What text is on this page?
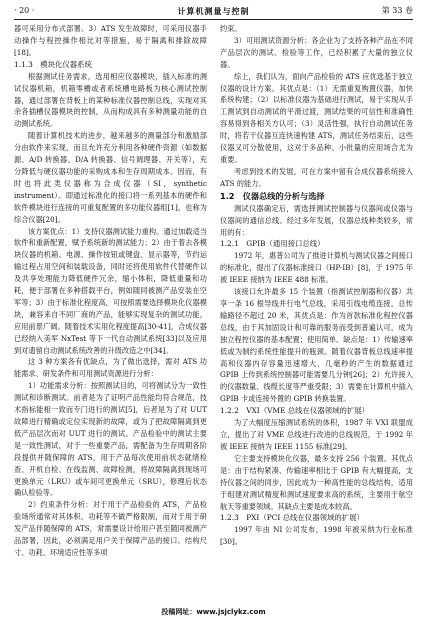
· 20 ·	计算机测量与控制	第 33 卷

器可采用分布式部署。3）ATS 发生故障时，可采用仪器手动操作与程控操作相比对等措施，易于隔离和排除故障[18]。

1.1.3　模块化仪器系统

根据测试任务需求，选用相应仪器模块，插入标准的测试仪器机箱，机箱零槽或者系统槽电路板为核心测试控制器，通过部署在背板上的某种标准仪器控制总线，实现对其余各插槽仪器模块的控制，从而构成具有多种测量功能的自动测试系统。

随着计算机技术的进步，越来越多的测量部分和激励部分由软件来实现，而且允许充分利用各种硬件资源（如数据源、A/D 转换器、D/A 转换器、信号调理器、开关等），充分降低与硬仪器功能的采购成本和生存周期成本。因而，有时也将此类仪器称为合成仪器（SI，synthetic instrument）。即通过标准化的接口将一系列基本的硬件和软件模块进行连接的可重复配置的多功能仪器组[1]，也称为综合仪器[20]。

该方案优点：1）支持仪器测试能力重构。通过加载适当软件和重新配置，赋予系统新的测试能力；2）由于着去各模块仪器的机箱、电源、操作按钮或键盘、显示器等，节约运输过程占用空间和装载设备，同时还将使用软件代替硬件以及共享处理能力降低硬件冗余，缩小体积，降低重量和功耗，便于部署在多种搭载平台，例如随同被测产品安装在空军等；3）由于标准化程度高，可按照需要选择模块化仪器模块，兼容来自不同厂商的产品，能够实现复杂的测试功能，应用前景广阔。随着技术实用化程度提高[30-41]，合成仪器已经纳入美军 NxTest 等下一代自动测试系统[33]以及应用到对遗留自动测试系统改善的升级改造之中[34]。

这 3 种方案各有优缺点，为了做出选择，需对 ATS 功能需求、研发条件和可用测试资源进行分析：

1）功能需求分析：按照测试目的，可将测试分为一致性测试和诊断测试。前者是为了证明产品性能均符合规范，技术指标能相一致而专门进行的测试[5]，后者是为了对 UUT 故障进行精确或定位实现新的故障，或为了把故障隔离到更低产品层次而对 UUT 进行的测试。产品检验中的测试主要是一致性测试，对于一些重要产品，需配备为生存周期各阶段提供并随保障的 ATS，用于产品每次使用前状态就绪检查、开机自检、在线监测、故障检测，将故障隔离到现场可更换单元（LRU）或车间可更换单元（SRU），修理后状态确认检验等。

2）约束条件分析：对于用于产品检验的 ATS，产品检验场所通常对其体积、功耗等不做严格限制，而对于用于研发产品伴随保障的 ATS，常需要设计给用户甚至随同被测产品部署，因此，必须满足用户关于保障产品的接口、结构尺寸、功耗、环境适应性等多项

约束。

3）可用测试资源分析：各企业为了支持各种产品在不同产品层次的测试、检验等工作，已经积累了大量的独立仪器。

综上，我们认为，面向产品检验的 ATS 应优选基于独立仪器的设计方案。其优点是：（1）无需重复购置仪器，加快系统构建；（2）以标准仪器为基础进行测试，易于实现从手工测试到自动测试的平滑过渡，测试结果的可信性和准确性容易得到各相关方认可；（3）灵活性强，执行自动测试任务时，将若干仪器互连快速构建 ATS，测试任务结束后，这些仪器又可分散使用，这对于多品种、小批量的应用场合尤为重要。

考虑到技术的发展，可在方案中留有合成仪器系统接入 ATS 的能力。

1.2　仪器总线的分析与选择

测试仪器确定后，需选择测试控制器与仪器间或仪器与仪器间的通信总线。经过多年发展，仪器总线种类较多，常用的有：

1.2.1　GPIB（通用接口总线）

1972 年，惠普公司为了推进计算机与测试仪器之间接口的标准化，提出了仪器标准接口（HP-IB）[8]，于 1975 年被 IEEE 接纳为 IEEE 488 标准。

该接口允许最多 15 个装置（指测试控制器和仪器）共享一条 16 根导线并行电气总线，采用引线电缆连接，总传输路径不超过 20 米，其优点是：作为首款标准化程控仪器总线，由于其加固设计和可靠的服务而受到普遍认可，成为独立程控仪器的基本配置；使用简单。缺点是：1）传输速率低或为制约系统性能提升的瓶颈。随着仪器背板总线速率提高和仪器内存容量迅速增大，几毫秒的产生的数据通过 GPIB 上传到系统控制器可能需要几分钟[26]；2）允许接入的仪器数量、线缆长度等严重受限；3）需要在计算机中插入 GPIB 卡或连接外置的 GPIB 转换装置。

1.2.2　VXI（VME 总线在仪器领域的扩展）

为了大幅度压缩测试系统的体积，1987 年 VXI 联盟成立，提出了对 VME 总线进行改进的总线规范，于 1992 年被 IEEE 接纳为 IEEE 1155 标准[29]。

它主要支持模块化仪器，最多支持 256 个装置。其优点是：由于结构紧凑、传输速率相比于 GPIB 有大幅提高，支持仪器之间的同步，因此成为一种高性能的总线结构，适用于组建对测试精度和测试速度要求高的系统，主要用于航空航天等重要领域。其缺点主要是成本较高。

1.2.3　PXI（PCI 总线在仪器领域的扩展）

1997 年由 NI 公司发布，1998 年被采纳为行业标准[30]。

投稿网址：www.jsjclykz.com
